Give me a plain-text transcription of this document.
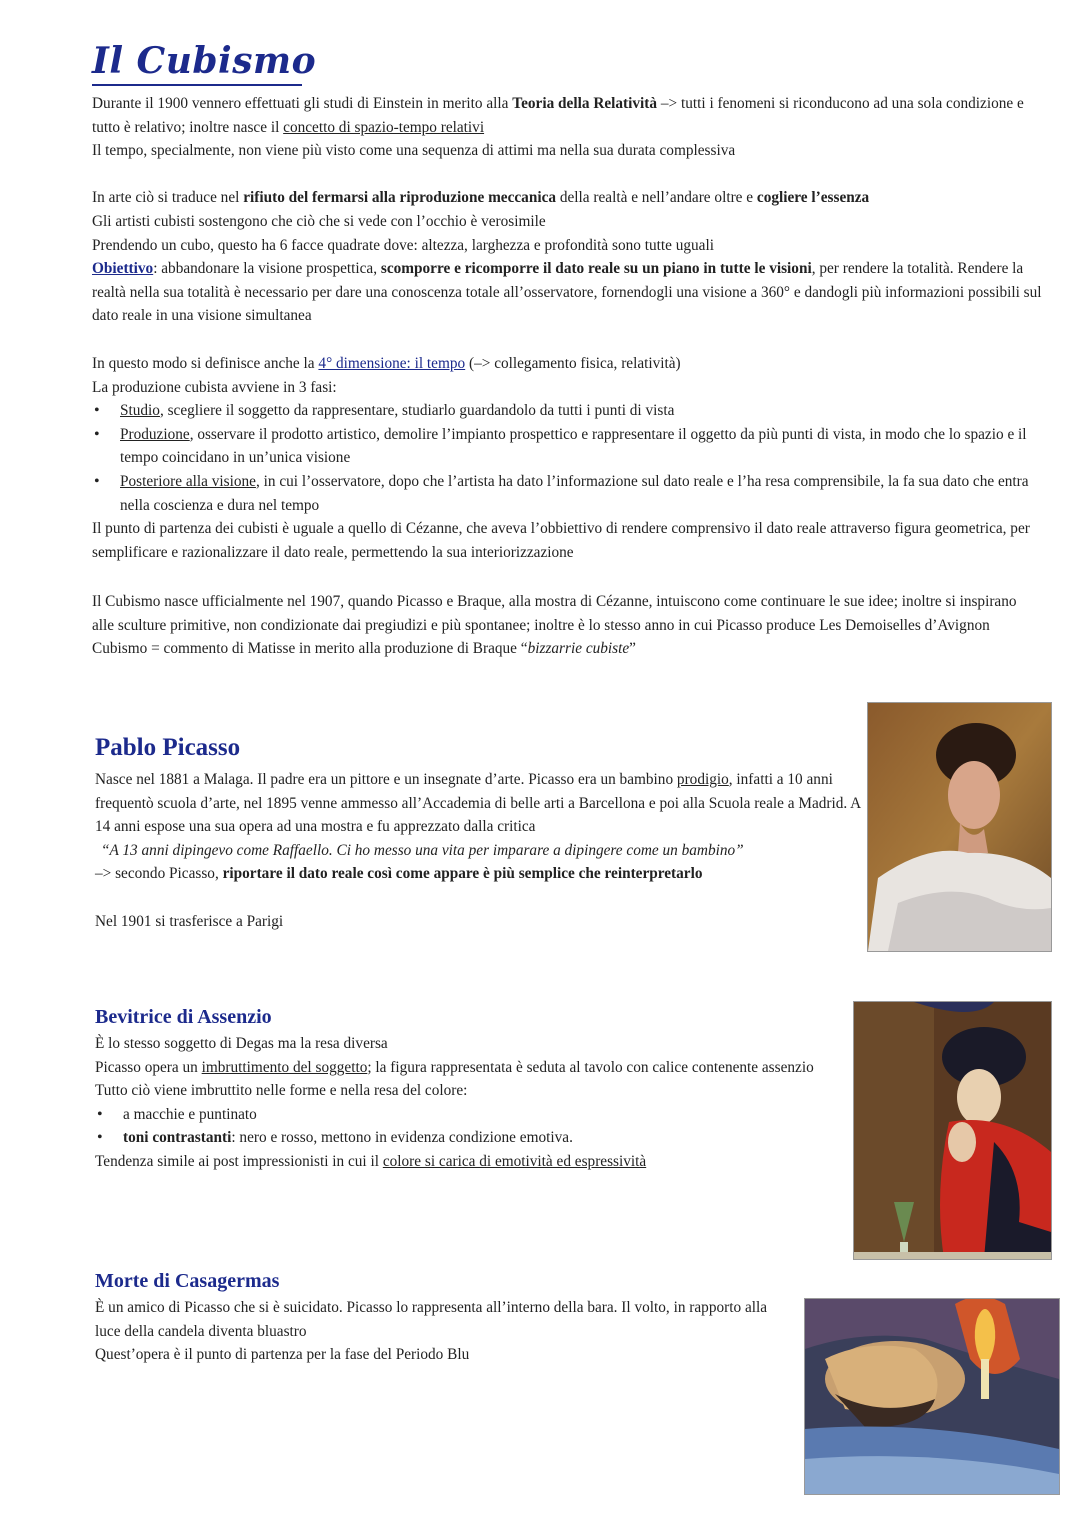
Il Cubismo

Durante il 1900 vennero effettuati gli studi di Einstein in merito alla Teoria della Relatività –> tutti i fenomeni si riconducono ad una sola condizione e tutto è relativo; inoltre nasce il concetto di spazio-tempo relativi

Il tempo, specialmente, non viene più visto come una sequenza di attimi ma nella sua durata complessiva

In arte ciò si traduce nel rifiuto del fermarsi alla riproduzione meccanica della realtà e nell’andare oltre e cogliere l’essenza

Gli artisti cubisti sostengono che ciò che si vede con l’occhio è verosimile

Prendendo un cubo, questo ha 6 facce quadrate dove: altezza, larghezza e profondità sono tutte uguali

Obiettivo: abbandonare la visione prospettica, scomporre e ricomporre il dato reale su un piano in tutte le visioni, per rendere la totalità. Rendere la realtà nella sua totalità è necessario per dare una conoscenza totale all’osservatore, fornendogli una visione a 360° e dandogli più informazioni possibili sul dato reale in una visione simultanea

In questo modo si definisce anche la 4° dimensione: il tempo (–> collegamento fisica, relatività)

La produzione cubista avviene in 3 fasi:

• Studio, scegliere il soggetto da rappresentare, studiarlo guardandolo da tutti i punti di vista
• Produzione, osservare il prodotto artistico, demolire l’impianto prospettico e rappresentare il oggetto da più punti di vista, in modo che lo spazio e il tempo coincidano in un’unica visione
• Posteriore alla visione, in cui l’osservatore, dopo che l’artista ha dato l’informazione sul dato reale e l’ha resa comprensibile, la fa sua dato che entra nella coscienza e dura nel tempo

Il punto di partenza dei cubisti è uguale a quello di Cézanne, che aveva l’obbiettivo di rendere comprensivo il dato reale attraverso figura geometrica, per semplificare e razionalizzare il dato reale, permettendo la sua interiorizzazione

Il Cubismo nasce ufficialmente nel 1907, quando Picasso e Braque, alla mostra di Cézanne, intuiscono come continuare le sue idee; inoltre si inspirano alle sculture primitive, non condizionate dai pregiudizi e più spontanee; inoltre è lo stesso anno in cui Picasso produce Les Demoiselles d’Avignon

Cubismo = commento di Matisse in merito alla produzione di Braque “bizzarrie cubiste”

Pablo Picasso

Nasce nel 1881 a Malaga. Il padre era un pittore e un insegnate d’arte. Picasso era un bambino prodigio, infatti a 10 anni frequentò scuola d’arte, nel 1895 venne ammesso all’Accademia di belle arti a Barcellona e poi alla Scuola reale a Madrid. A 14 anni espose una sua opera ad una mostra e fu apprezzato dalla critica

“A 13 anni dipingevo come Raffaello. Ci ho messo una vita per imparare a dipingere come un bambino”

–> secondo Picasso, riportare il dato reale così come appare è più semplice che reinterpretarlo

Nel 1901 si trasferisce a Parigi

Bevitrice di Assenzio

È lo stesso soggetto di Degas ma la resa diversa

Picasso opera un imbruttimento del soggetto; la figura rappresentata è seduta al tavolo con calice contenente assenzio

Tutto ciò viene imbruttito nelle forme e nella resa del colore:

• a macchie e puntinato
• toni contrastanti: nero e rosso, mettono in evidenza condizione emotiva.

Tendenza simile ai post impressionisti in cui il colore si carica di emotività ed espressività

Morte di Casagermas

È un amico di Picasso che si è suicidato. Picasso lo rappresenta all’interno della bara. Il volto, in rapporto alla luce della candela diventa bluastro

Quest’opera è il punto di partenza per la fase del Periodo Blu
